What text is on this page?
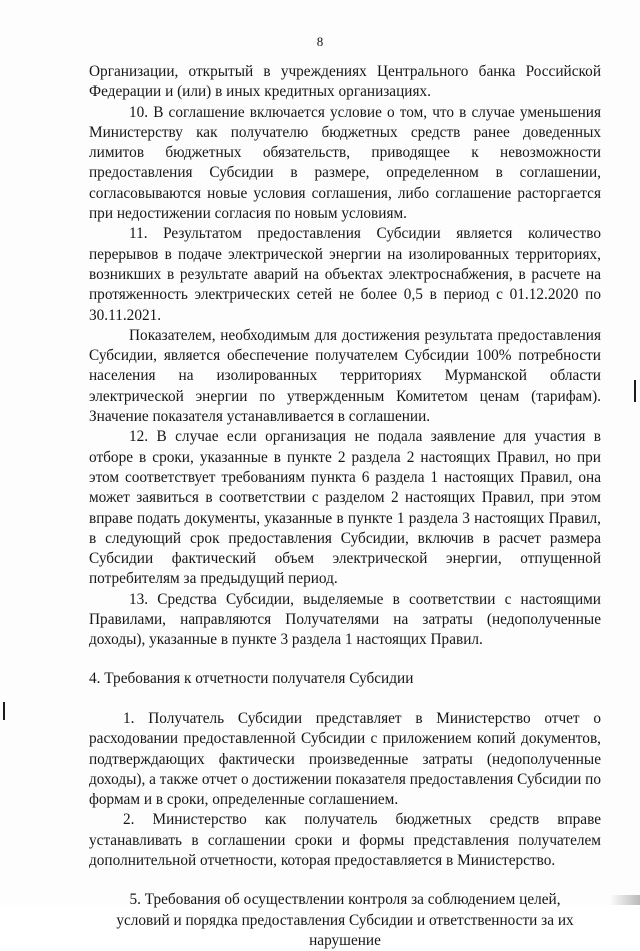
8

Организации, открытый в учреждениях Центрального банка Российской Федерации и (или) в иных кредитных организациях.

10. В соглашение включается условие о том, что в случае уменьшения Министерству как получателю бюджетных средств ранее доведенных лимитов бюджетных обязательств, приводящее к невозможности предоставления Субсидии в размере, определенном в соглашении, согласовываются новые условия соглашения, либо соглашение расторгается при недостижении согласия по новым условиям.

11. Результатом предоставления Субсидии является количество перерывов в подаче электрической энергии на изолированных территориях, возникших в результате аварий на объектах электроснабжения, в расчете на протяженность электрических сетей не более 0,5 в период с 01.12.2020 по 30.11.2021.

Показателем, необходимым для достижения результата предоставления Субсидии, является обеспечение получателем Субсидии 100% потребности населения на изолированных территориях Мурманской области электрической энергии по утвержденным Комитетом ценам (тарифам). Значение показателя устанавливается в соглашении.

12. В случае если организация не подала заявление для участия в отборе в сроки, указанные в пункте 2 раздела 2 настоящих Правил, но при этом соответствует требованиям пункта 6 раздела 1 настоящих Правил, она может заявиться в соответствии с разделом 2 настоящих Правил, при этом вправе подать документы, указанные в пункте 1 раздела 3 настоящих Правил, в следующий срок предоставления Субсидии, включив в расчет размера Субсидии фактический объем электрической энергии, отпущенной потребителям за предыдущий период.

13. Средства Субсидии, выделяемые в соответствии с настоящими Правилами, направляются Получателями на затраты (недополученные доходы), указанные в пункте 3 раздела 1 настоящих Правил.

4. Требования к отчетности получателя Субсидии

1. Получатель Субсидии представляет в Министерство отчет о расходовании предоставленной Субсидии с приложением копий документов, подтверждающих фактически произведенные затраты (недополученные доходы), а также отчет о достижении показателя предоставления Субсидии по формам и в сроки, определенные соглашением.

2. Министерство как получатель бюджетных средств вправе устанавливать в соглашении сроки и формы представления получателем дополнительной отчетности, которая предоставляется в Министерство.

5. Требования об осуществлении контроля за соблюдением целей,
условий и порядка предоставления Субсидии и ответственности за их
нарушение
